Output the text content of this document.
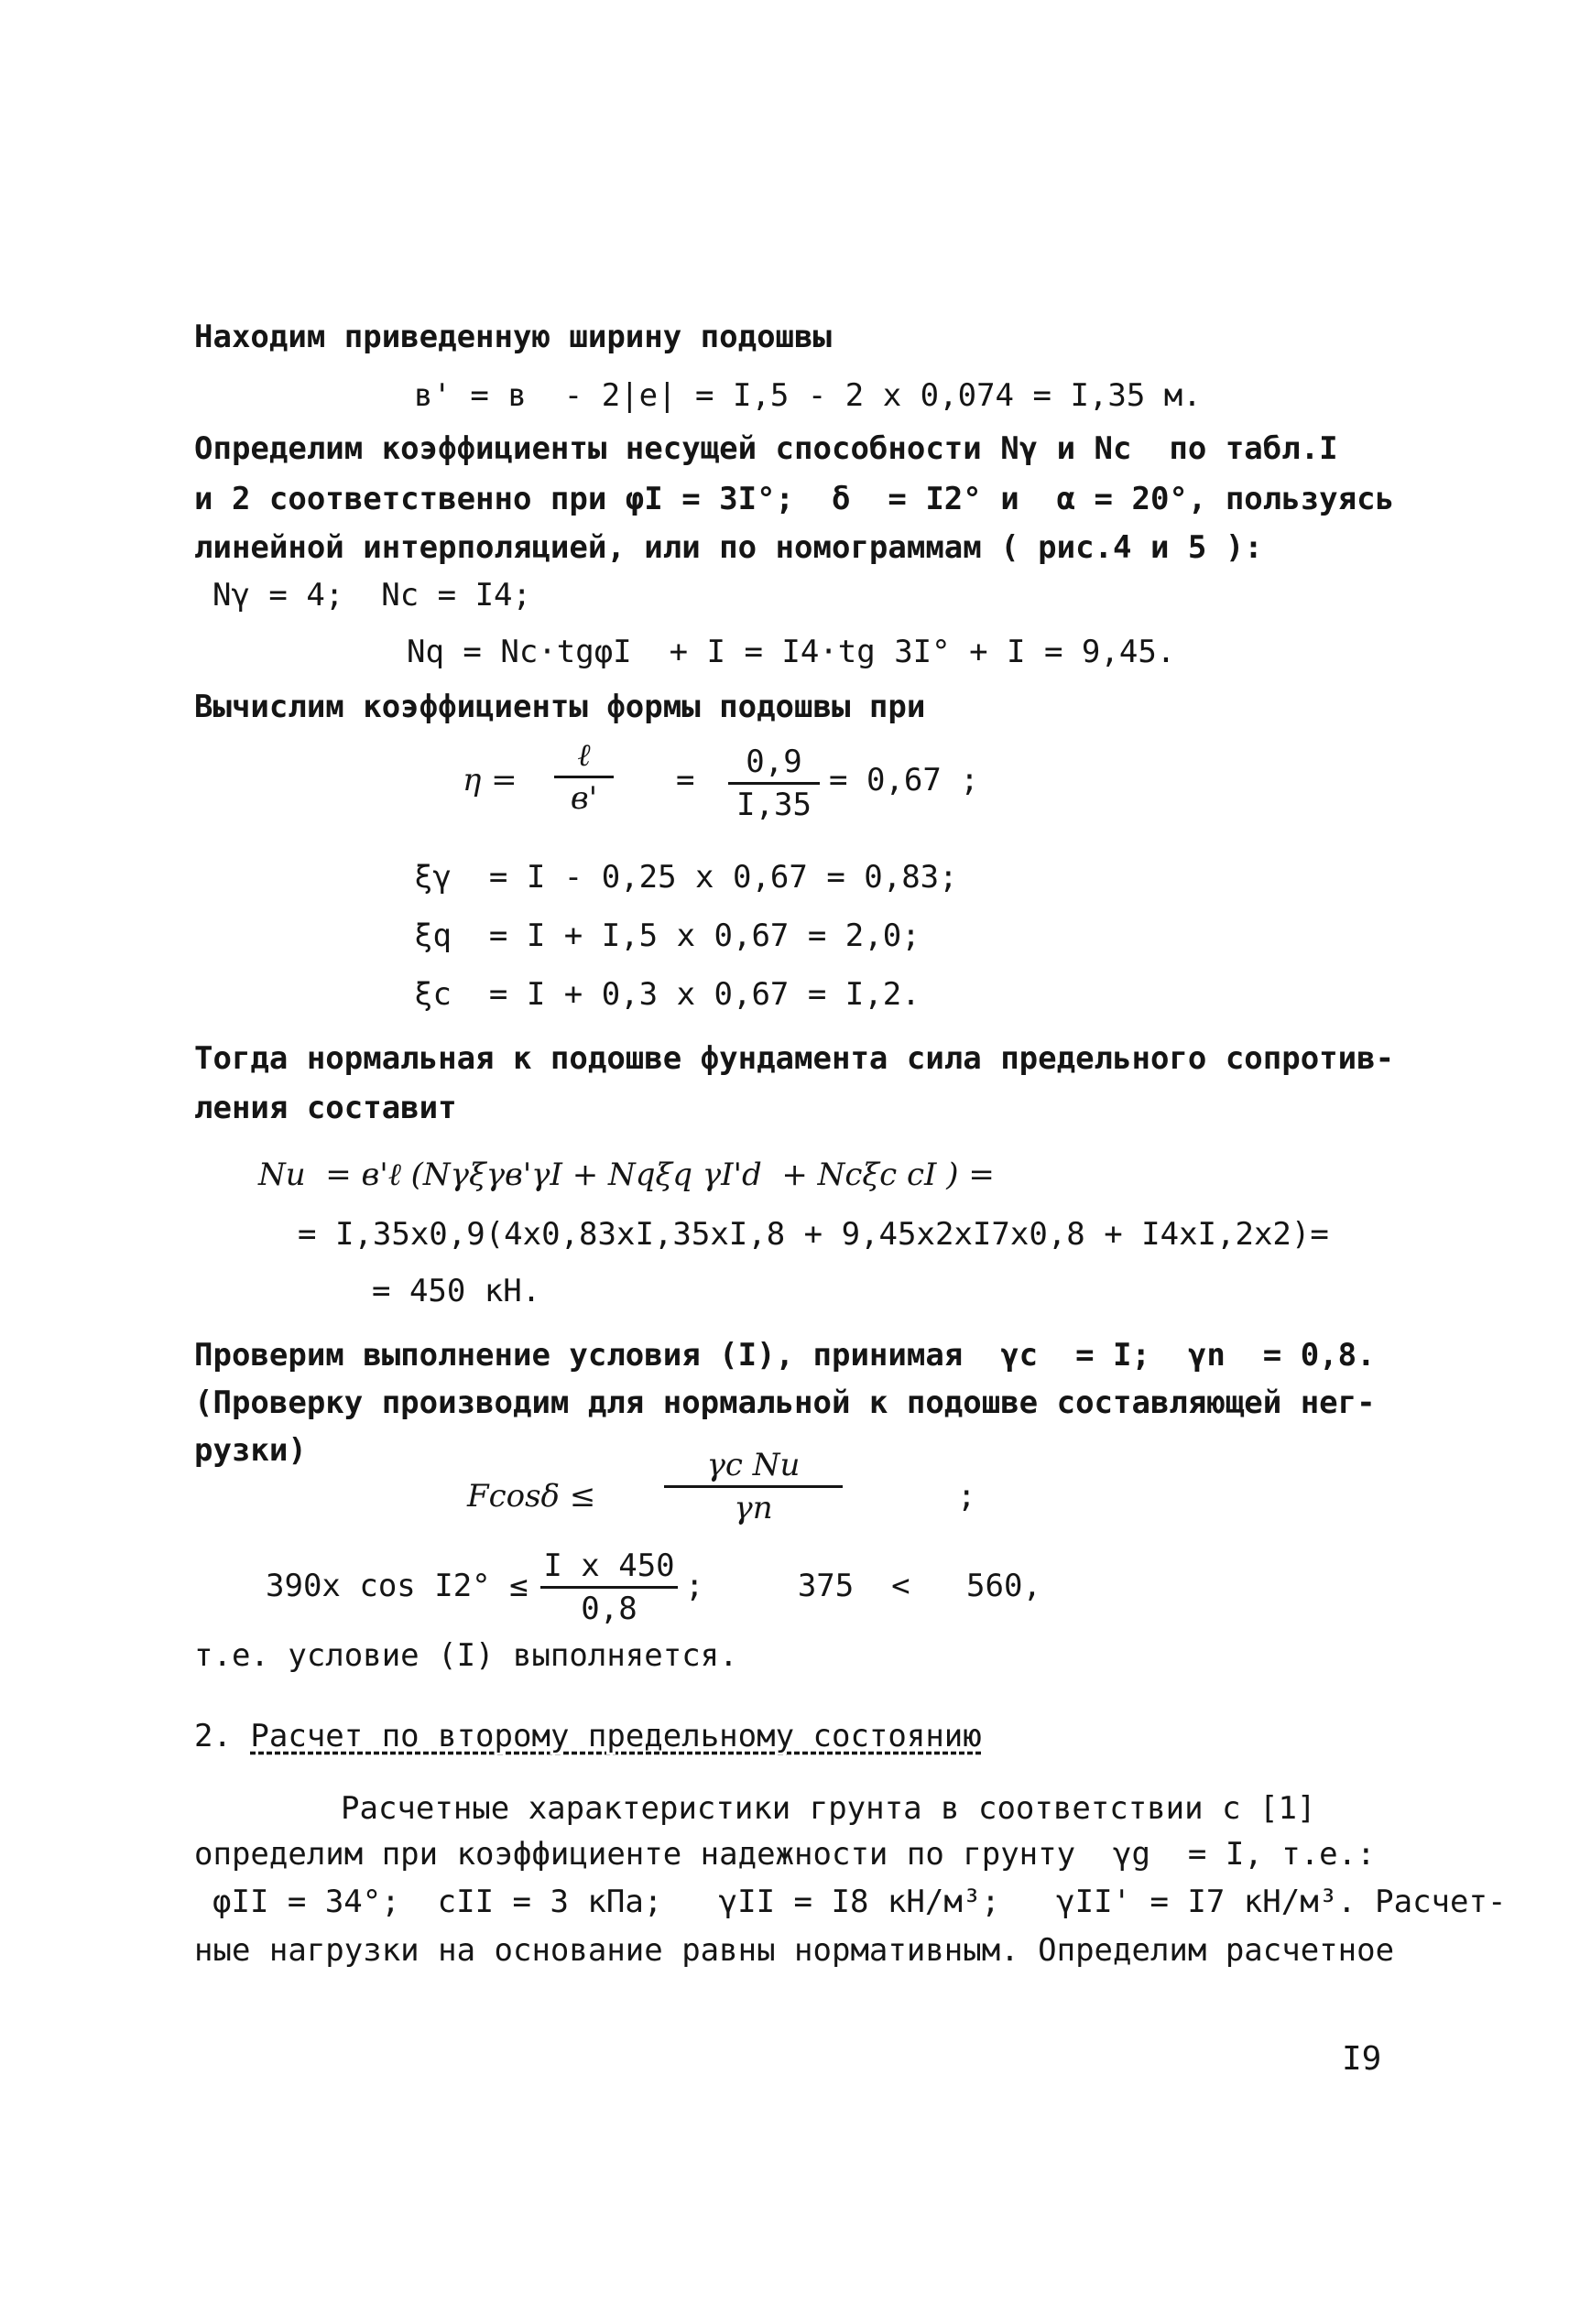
Находим приведенную ширину подошвы
в' = в  - 2|e| = I,5 - 2 x 0,074 = I,35 м.
Определим коэффициенты несущей способности Nγ и Nc  по табл.I
и 2 соответственно при φI = 3I°;  δ  = I2° и  α = 20°, пользуясь
линейной интерполяцией, или по номограммам ( рис.4 и 5 ):
Nγ = 4;  Nc = I4;
Nq = Nc·tgφI  + I = I4·tg 3I° + I = 9,45.
Вычислим коэффициенты формы подошвы при
η =
ℓ
в'	=	0,9
I,35
= 0,67 ;
ξγ  = I - 0,25 x 0,67 = 0,83;
ξq  = I + I,5 x 0,67 = 2,0;
ξc  = I + 0,3 x 0,67 = I,2.
Тогда нормальная к подошве фундамента сила предельного сопротив-
ления составит
Nu  = в'ℓ (Nγξγв'γI + Nqξq γI'd  + Ncξc cI ) =
= I,35x0,9(4x0,83xI,35xI,8 + 9,45x2xI7x0,8 + I4xI,2x2)=
= 450 кН.
Проверим выполнение условия (I), принимая  γc  = I;  γn  = 0,8.
(Проверку производим для нормальной к подошве составляющей нег-
рузки)
Fcosδ ≤
γc Nu
γn	;
390x cos I2° ≤
I x 450
0,8
;     375  <   560,
т.е. условие (I) выполняется.
2. Расчет по второму предельному состоянию
Расчетные характеристики грунта в соответствии с [1]
определим при коэффициенте надежности по грунту  γg  = I, т.е.:
φII = 34°;  cII = 3 кПа;   γII = I8 кН/м³;   γII' = I7 кН/м³. Расчет-
ные нагрузки на основание равны нормативным. Определим расчетное
I9
